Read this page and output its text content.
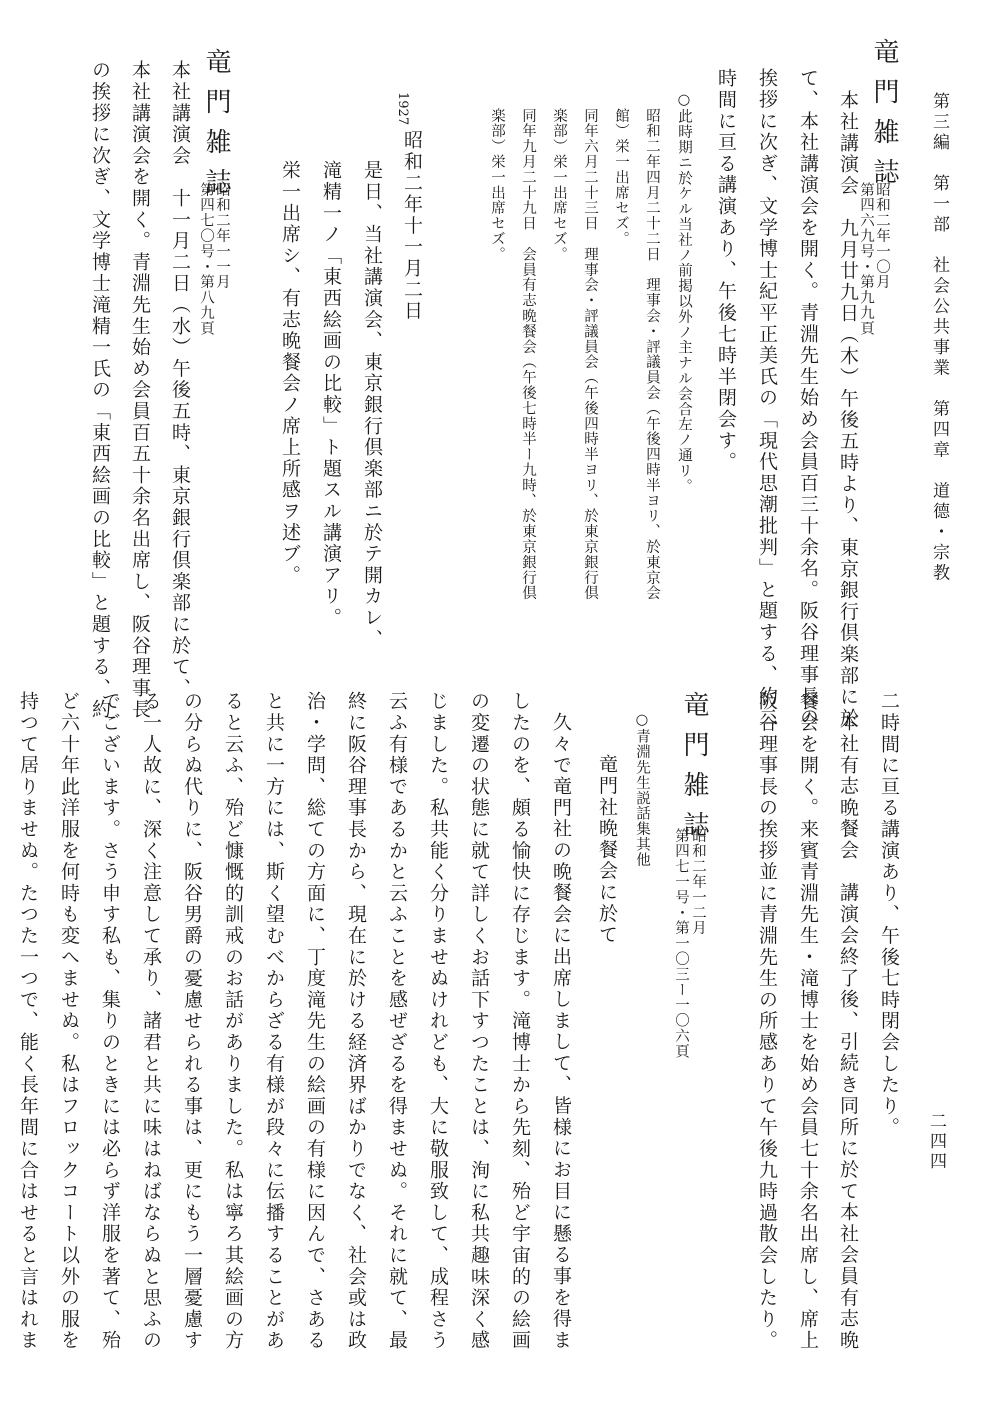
第三編　第一部　社会公共事業　第四章　道德・宗教
二四四
竜門雑誌
第四六九号・第九九頁 昭和二年一〇月
本社講演会　九月廿九日（木）午後五時より、東京銀行倶楽部に於
て、本社講演会を開く。青淵先生始め会員百三十余名。阪谷理事長の
挨拶に次ぎ、文学博士紀平正美氏の「現代思潮批判」と題する、約二
時間に亘る講演あり、午後七時半閉会す。
○此時期ニ於ケル当社ノ前掲以外ノ主ナル会合左ノ通リ。
昭和二年四月二十二日　理事会・評議員会（午後四時半ヨリ、於東京会
館）栄一出席セズ。
同年六月二十三日　理事会・評議員会（午後四時半ヨリ、於東京銀行倶
楽部）栄一出席セズ。
同年九月二十九日　会員有志晩餐会（午後七時半ー九時、於東京銀行倶
楽部）栄一出席セズ。
1927
昭和二年十一月二日
是日、当社講演会、東京銀行倶楽部ニ於テ開カレ、
滝精一ノ「東西絵画の比較」ト題スル講演アリ。
栄一出席シ、有志晩餐会ノ席上所感ヲ述ブ。
竜門雑誌
第四七〇号・第八九頁 昭和二年一一月
本社講演会　十一月二日（水）午後五時、東京銀行倶楽部に於て、
本社講演会を開く。青淵先生始め会員百五十余名出席し、阪谷理事長
の挨拶に次ぎ、文学博士滝精一氏の「東西絵画の比較」と題する、約
二時間に亘る講演あり、午後七時閉会したり。
本社有志晩餐会　講演会終了後、引続き同所に於て本社会員有志晩
餐会を開く。来賓青淵先生・滝博士を始め会員七十余名出席し、席上
阪谷理事長の挨拶並に青淵先生の所感ありて午後九時過散会したり。
竜門雑誌
第四七一号・第一〇三ー一〇六頁 昭和二年一二月
○青淵先生説話集其他
竜門社晩餐会に於て
久々で竜門社の晩餐会に出席しまして、皆様にお目に懸る事を得ま
したのを、頗る愉快に存じます。滝博士から先刻、殆ど宇宙的の絵画
の変遷の状態に就て詳しくお話下すつたことは、洵に私共趣味深く感
じました。私共能く分りませぬけれども、大に敬服致して、成程さう
云ふ有様であるかと云ふことを感ぜざるを得ませぬ。それに就て、最
終に阪谷理事長から、現在に於ける経済界ばかりでなく、社会或は政
治・学問、総ての方面に、丁度滝先生の絵画の有様に因んで、さある
と共に一方には、斯く望むべからざる有様が段々に伝播することがあ
ると云ふ、殆ど慷慨的訓戒のお話がありました。私は寧ろ其絵画の方
の分らぬ代りに、阪谷男爵の憂慮せられる事は、更にもう一層憂慮す
る一人故に、深く注意して承り、諸君と共に味はねばならぬと思ふの
でございます。さう申す私も、集りのときには必らず洋服を著て、殆
ど六十年此洋服を何時も変へませぬ。私はフロックコート以外の服を
持つて居りませぬ。たつた一つで、能く長年間に合はせると言はれま
